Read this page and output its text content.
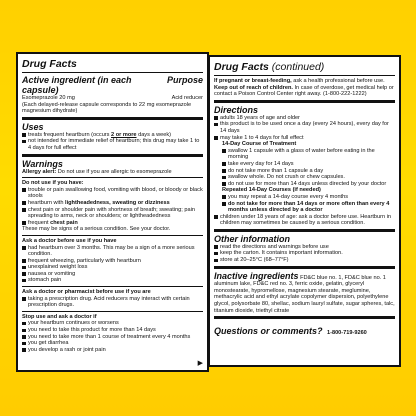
Drug Facts
Active ingredient (in each capsule)
Purpose
Esomeprazole 20 mg	Acid reducer
(Each delayed-release capsule corresponds to 22 mg esomeprazole magnesium dihydrate)
Uses
treats frequent heartburn (occurs 2 or more days a week)
not intended for immediate relief of heartburn; this drug may take 1 to 4 days for full effect
Warnings
Allergy alert: Do not use if you are allergic to esomeprazole
Do not use if you have:
trouble or pain swallowing food, vomiting with blood, or bloody or black stools
heartburn with lightheadedness, sweating or dizziness
chest pain or shoulder pain with shortness of breath; sweating; pain spreading to arms, neck or shoulders; or lightheadedness
frequent chest pain
These may be signs of a serious condition. See your doctor.
Ask a doctor before use if you have
had heartburn over 3 months. This may be a sign of a more serious condition.
frequent wheezing, particularly with heartburn
unexplained weight loss
nausea or vomiting
stomach pain
Ask a doctor or pharmacist before use if you are
taking a prescription drug. Acid reducers may interact with certain prescription drugs.
Stop use and ask a doctor if
your heartburn continues or worsens
you need to take this product for more than 14 days
you need to take more than 1 course of treatment every 4 months
you get diarrhea
you develop a rash or joint pain
▶
Drug Facts (continued)
If pregnant or breast-feeding, ask a health professional before use.
Keep out of reach of children. In case of overdose, get medical help or contact a Poison Control Center right away. (1-800-222-1222)
Directions
adults 18 years of age and older
this product is to be used once a day (every 24 hours), every day for 14 days
may take 1 to 4 days for full effect
14-Day Course of Treatment
swallow 1 capsule with a glass of water before eating in the morning
take every day for 14 days
do not take more than 1 capsule a day
swallow whole. Do not crush or chew capsules.
do not use for more than 14 days unless directed by your doctor
Repeated 14-Day Courses (if needed)
you may repeat a 14-day course every 4 months
do not take for more than 14 days or more often than every 4 months unless directed by a doctor
children under 18 years of age: ask a doctor before use. Heartburn in children may sometimes be caused by a serious condition.
Other information
read the directions and warnings before use
keep the carton. It contains important information.
store at 20–25°C (68–77°F)
Inactive ingredients FD&C blue no. 1, FD&C blue no. 1 aluminum lake, FD&C red no. 3, ferric oxide, gelatin, glyceryl monostearate, hypromellose, magnesium stearate, meglumine, methacrylic acid and ethyl acrylate copolymer dispersion, polyethylene glycol, polysorbate 80, shellac, sodium lauryl sulfate, sugar spheres, talc, titanium dioxide, triethyl citrate
Questions or comments? 1-800-719-9260
